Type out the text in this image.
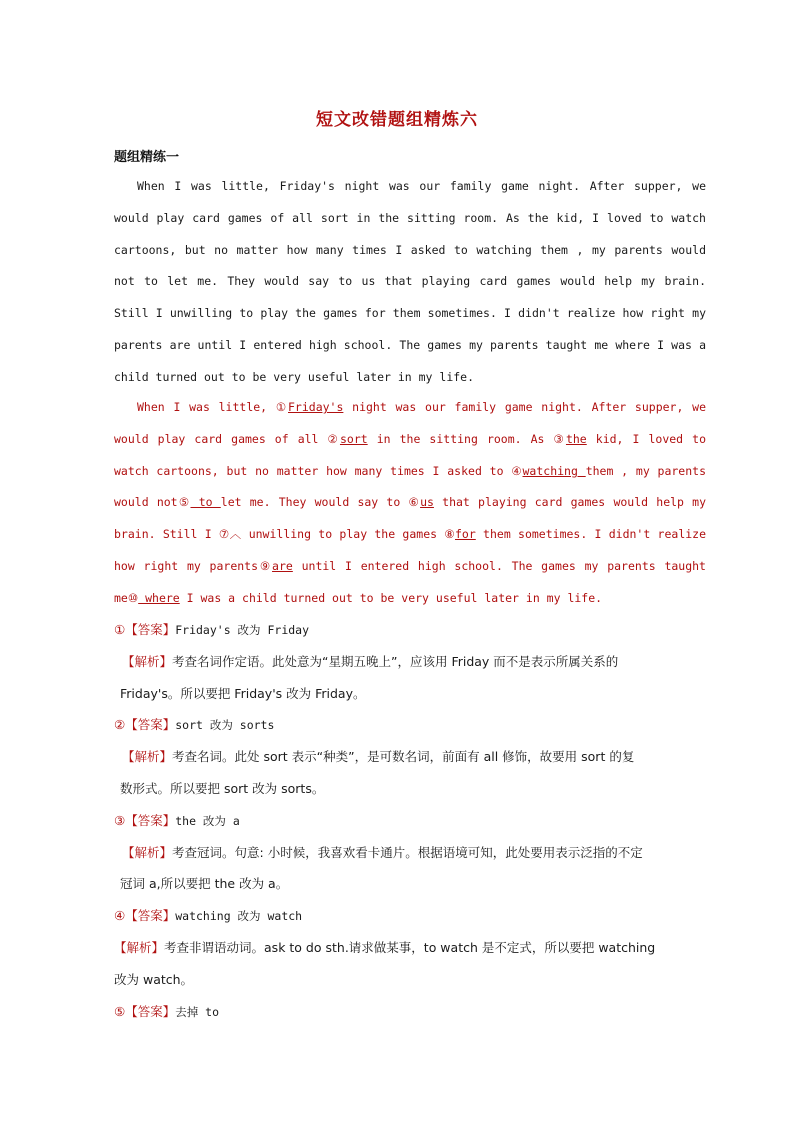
短文改错题组精炼六
题组精练一

When I was little, Friday's night was our family game night. After supper, we would play card games of all sort in the sitting room. As the kid, I loved to watch cartoons, but no matter how many times I asked to watching them , my parents would not to let me. They would say to us that playing card games would help my brain. Still I unwilling to play the games for them sometimes. I didn't realize how right my parents are until I entered high school. The games my parents taught me where I was a child turned out to be very useful later in my life.

When I was little, ①Friday's night was our family game night. After supper, we would play card games of all ②sort in the sitting room. As ③the kid, I loved to watch cartoons, but no matter how many times I asked to ④watching them , my parents would not⑤ to let me. They would say to ⑥us that playing card games would help my brain. Still I ⑦︿ unwilling to play the games ⑧for them sometimes. I didn't realize how right my parents⑨are until I entered high school. The games my parents taught me⑩ where I was a child turned out to be very useful later in my life.

①【答案】Friday's 改为 Friday
【解析】考查名词作定语。此处意为“星期五晚上”，应该用 Friday 而不是表示所属关系的
Friday's。所以要把 Friday's 改为 Friday。
②【答案】sort 改为 sorts
【解析】考查名词。此处 sort 表示“种类”，是可数名词，前面有 all 修饰，故要用 sort 的复
数形式。所以要把 sort 改为 sorts。
③【答案】the 改为 a
【解析】考查冠词。句意: 小时候，我喜欢看卡通片。根据语境可知，此处要用表示泛指的不定
冠词 a,所以要把 the 改为 a。
④【答案】watching 改为 watch
【解析】考查非谓语动词。ask to do sth.请求做某事，to watch 是不定式，所以要把 watching
改为 watch。
⑤【答案】去掉 to
